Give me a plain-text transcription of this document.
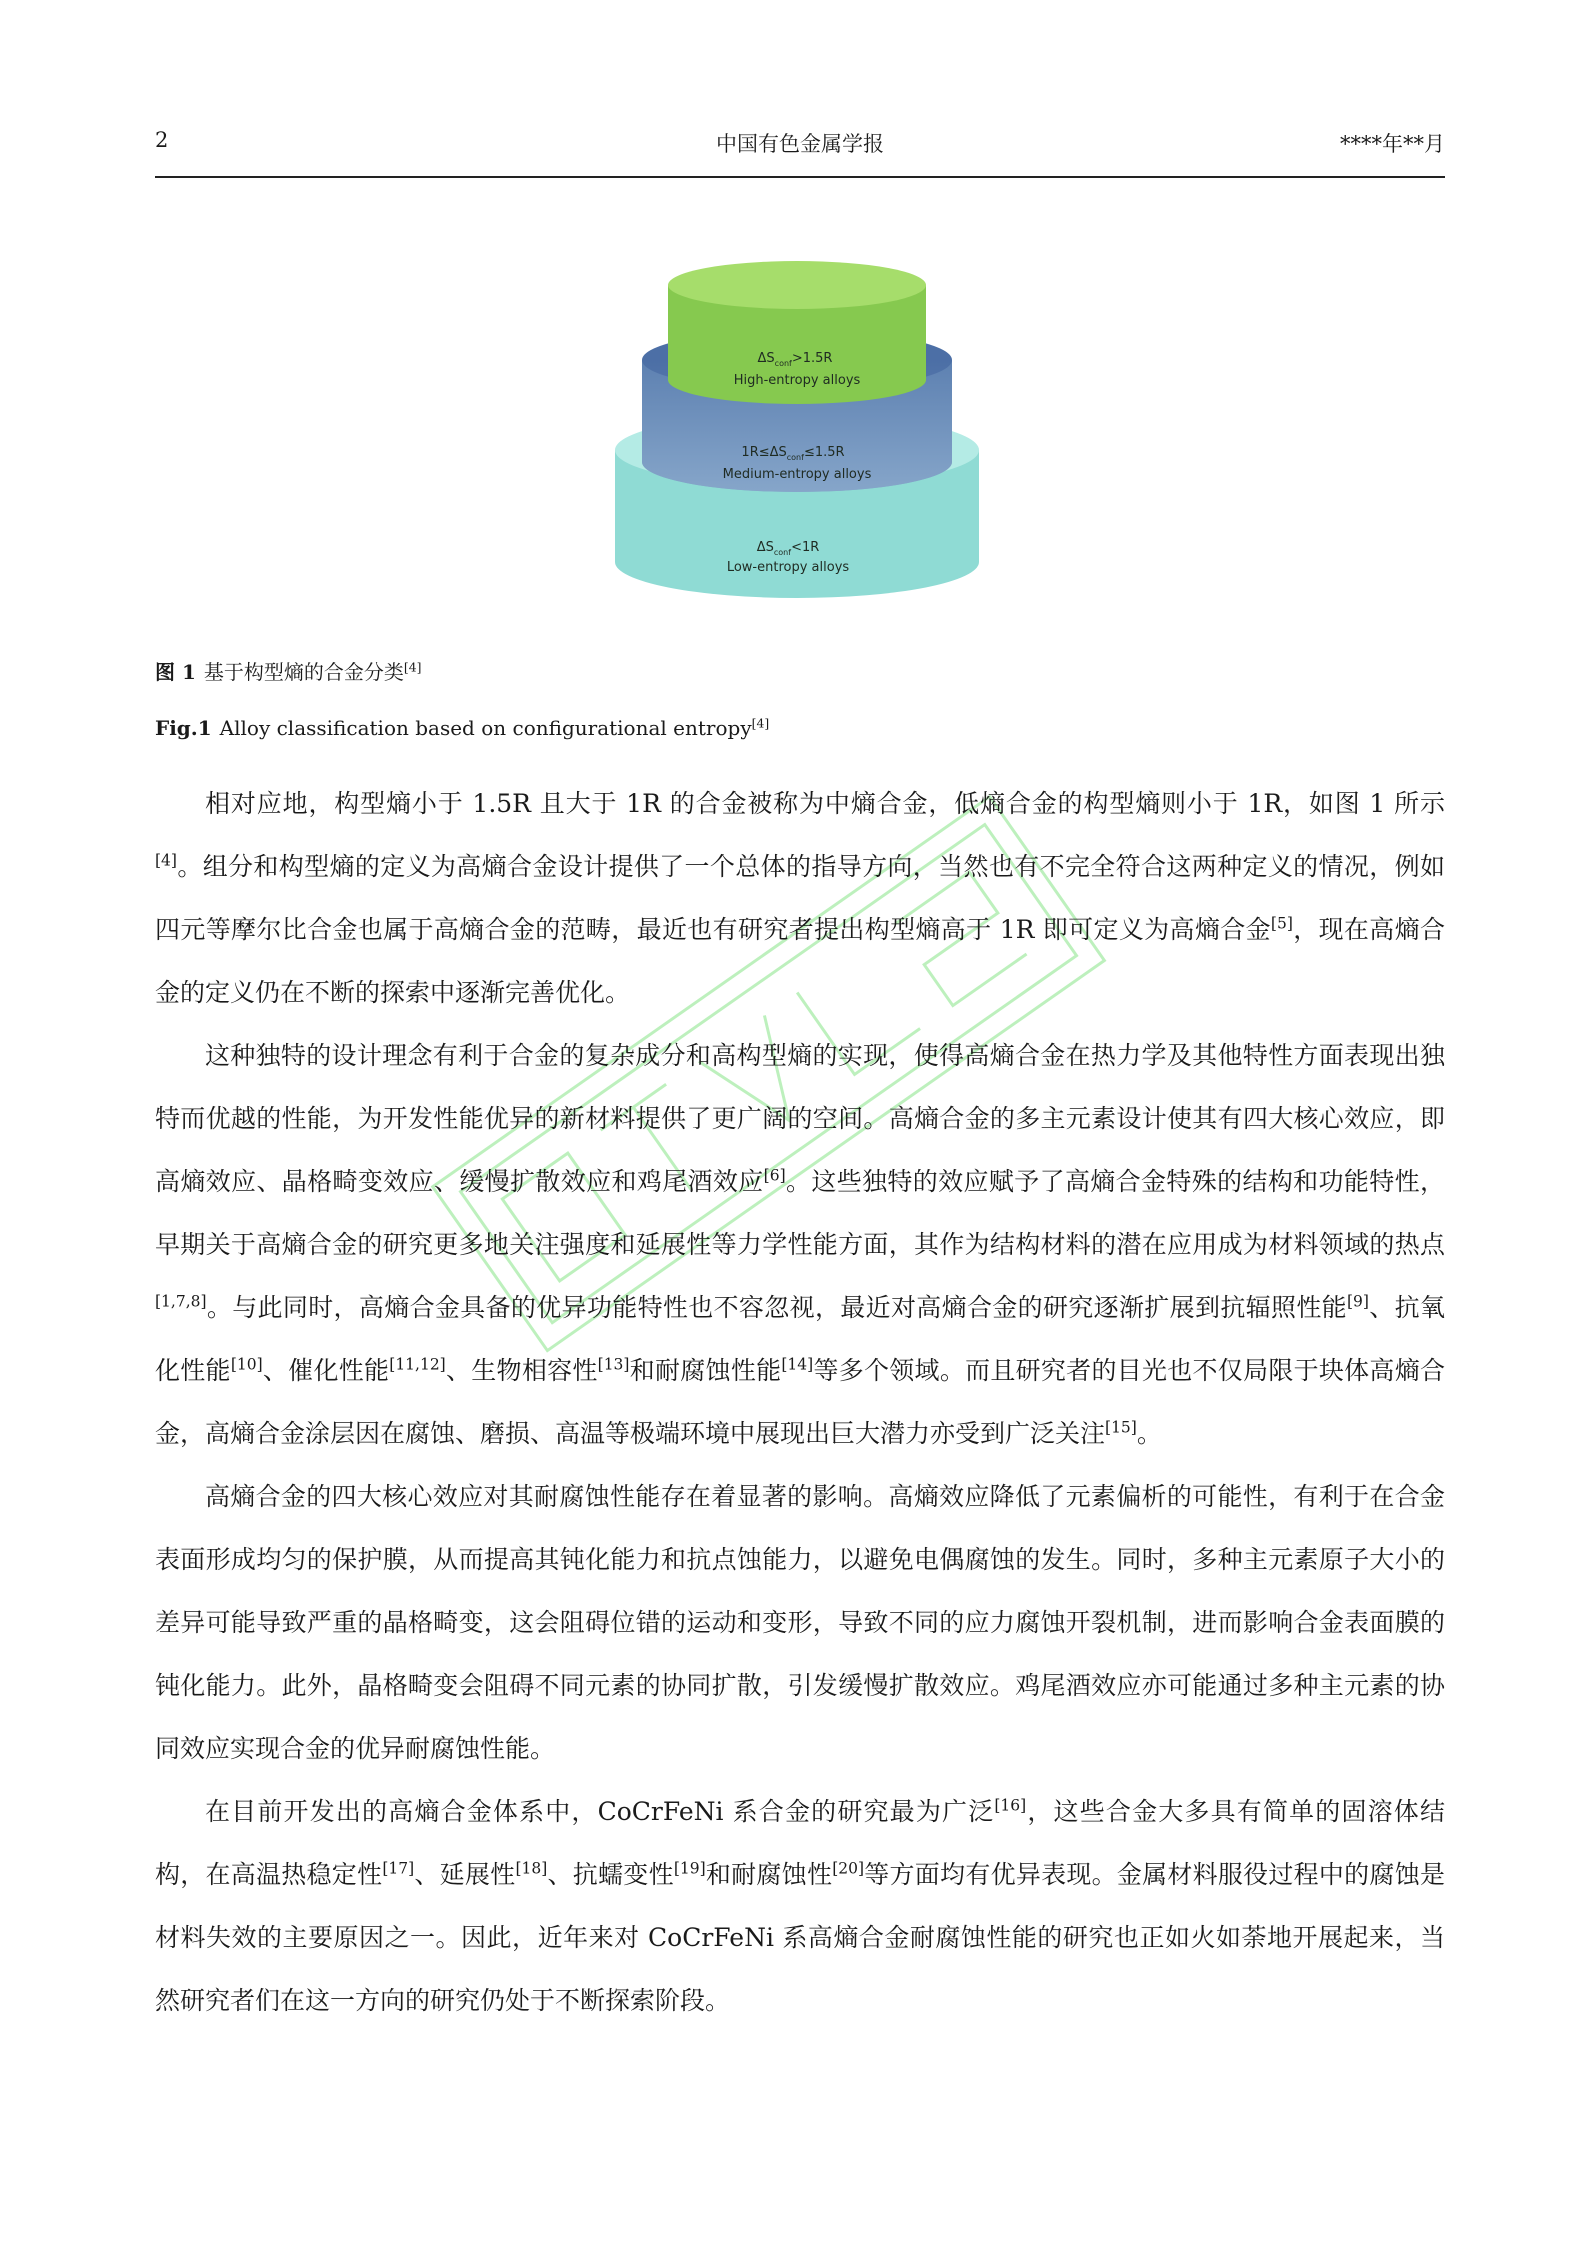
2	中国有色金属学报	****年**月
$\Delta S_{conf}>1.5R$
High-entropy alloys
$1R\le\Delta S_{conf}\le 1.5R$
Medium-entropy alloys
$\Delta S_{conf}<1R$
Low-entropy alloys
图 1 基于构型熵的合金分类[4]
Fig.1 Alloy classification based on configurational entropy[4]

相对应地，构型熵小于 1.5R 且大于 1R 的合金被称为中熵合金，低熵合金的构型熵则小于 1R，如图 1 所示[4]。组分和构型熵的定义为高熵合金设计提供了一个总体的指导方向，当然也有不完全符合这两种定义的情况，例如四元等摩尔比合金也属于高熵合金的范畴，最近也有研究者提出构型熵高于 1R 即可定义为高熵合金[5]，现在高熵合金的定义仍在不断的探索中逐渐完善优化。

这种独特的设计理念有利于合金的复杂成分和高构型熵的实现，使得高熵合金在热力学及其他特性方面表现出独特而优越的性能，为开发性能优异的新材料提供了更广阔的空间。高熵合金的多主元素设计使其有四大核心效应，即高熵效应、晶格畸变效应、缓慢扩散效应和鸡尾酒效应[6]。这些独特的效应赋予了高熵合金特殊的结构和功能特性，早期关于高熵合金的研究更多地关注强度和延展性等力学性能方面，其作为结构材料的潜在应用成为材料领域的热点[1,7,8]。与此同时，高熵合金具备的优异功能特性也不容忽视，最近对高熵合金的研究逐渐扩展到抗辐照性能[9]、抗氧化性能[10]、催化性能[11,12]、生物相容性[13]和耐腐蚀性能[14]等多个领域。而且研究者的目光也不仅局限于块体高熵合金，高熵合金涂层因在腐蚀、磨损、高温等极端环境中展现出巨大潜力亦受到广泛关注[15]。

高熵合金的四大核心效应对其耐腐蚀性能存在着显著的影响。高熵效应降低了元素偏析的可能性，有利于在合金表面形成均匀的保护膜，从而提高其钝化能力和抗点蚀能力，以避免电偶腐蚀的发生。同时，多种主元素原子大小的差异可能导致严重的晶格畸变，这会阻碍位错的运动和变形，导致不同的应力腐蚀开裂机制，进而影响合金表面膜的钝化能力。此外，晶格畸变会阻碍不同元素的协同扩散，引发缓慢扩散效应。鸡尾酒效应亦可能通过多种主元素的协同效应实现合金的优异耐腐蚀性能。

在目前开发出的高熵合金体系中，CoCrFeNi 系合金的研究最为广泛[16]，这些合金大多具有简单的固溶体结构，在高温热稳定性[17]、延展性[18]、抗蠕变性[19]和耐腐蚀性[20]等方面均有优异表现。金属材料服役过程中的腐蚀是材料失效的主要原因之一。因此，近年来对 CoCrFeNi 系高熵合金耐腐蚀性能的研究也正如火如荼地开展起来，当然研究者们在这一方向的研究仍处于不断探索阶段。
